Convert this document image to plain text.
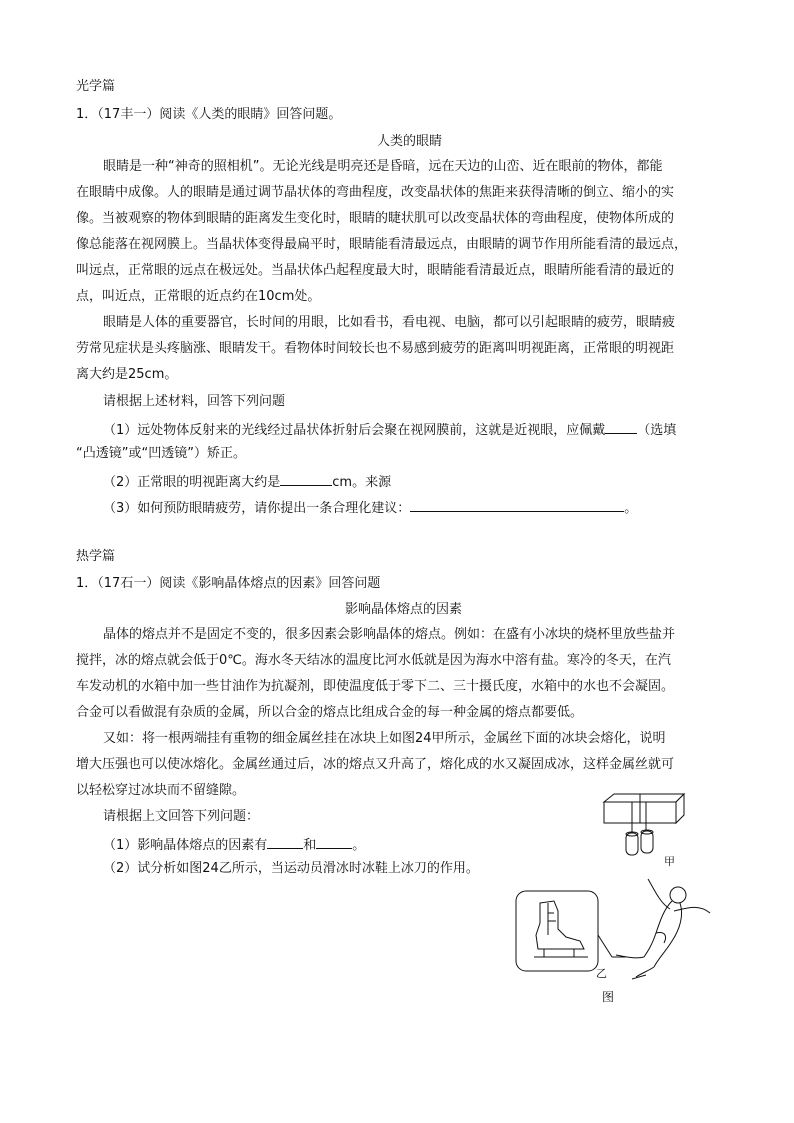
光学篇
1．（17丰一）阅读《人类的眼睛》回答问题。
人类的眼睛
眼睛是一种“神奇的照相机”。无论光线是明亮还是昏暗，远在天边的山峦、近在眼前的物体，都能
在眼睛中成像。人的眼睛是通过调节晶状体的弯曲程度，改变晶状体的焦距来获得清晰的倒立、缩小的实
像。当被观察的物体到眼睛的距离发生变化时，眼睛的睫状肌可以改变晶状体的弯曲程度，使物体所成的
像总能落在视网膜上。当晶状体变得最扁平时，眼睛能看清最远点，由眼睛的调节作用所能看清的最远点，
叫远点，正常眼的远点在极远处。当晶状体凸起程度最大时，眼睛能看清最近点，眼睛所能看清的最近的
点，叫近点，正常眼的近点约在10cm处。
眼睛是人体的重要器官，长时间的用眼，比如看书，看电视、电脑，都可以引起眼睛的疲劳，眼睛疲
劳常见症状是头疼脑涨、眼睛发干。看物体时间较长也不易感到疲劳的距离叫明视距离，正常眼的明视距
离大约是25cm。
请根据上述材料，回答下列问题
（1）远处物体反射来的光线经过晶状体折射后会聚在视网膜前，这就是近视眼，应佩戴 （选填
“凸透镜”或“凹透镜”）矫正。
（2）正常眼的明视距离大约是	cm。来源
（3）如何预防眼睛疲劳，请你提出一条合理化建议：	。
热学篇
1．（17石一）阅读《影响晶体熔点的因素》回答问题
影响晶体熔点的因素
晶体的熔点并不是固定不变的，很多因素会影响晶体的熔点。例如：在盛有小冰块的烧杯里放些盐并
搅拌，冰的熔点就会低于0℃。海水冬天结冰的温度比河水低就是因为海水中溶有盐。寒冷的冬天，在汽
车发动机的水箱中加一些甘油作为抗凝剂，即使温度低于零下二、三十摄氏度，水箱中的水也不会凝固。
合金可以看做混有杂质的金属，所以合金的熔点比组成合金的每一种金属的熔点都要低。
又如：将一根两端挂有重物的细金属丝挂在冰块上如图24甲所示，金属丝下面的冰块会熔化，说明
增大压强也可以使冰熔化。金属丝通过后，冰的熔点又升高了，熔化成的水又凝固成冰，这样金属丝就可
以轻松穿过冰块而不留缝隙。
请根据上文回答下列问题：
（1）影响晶体熔点的因素有	和	。
（2）试分析如图24乙所示，当运动员滑冰时冰鞋上冰刀的作用。	甲
乙
图
